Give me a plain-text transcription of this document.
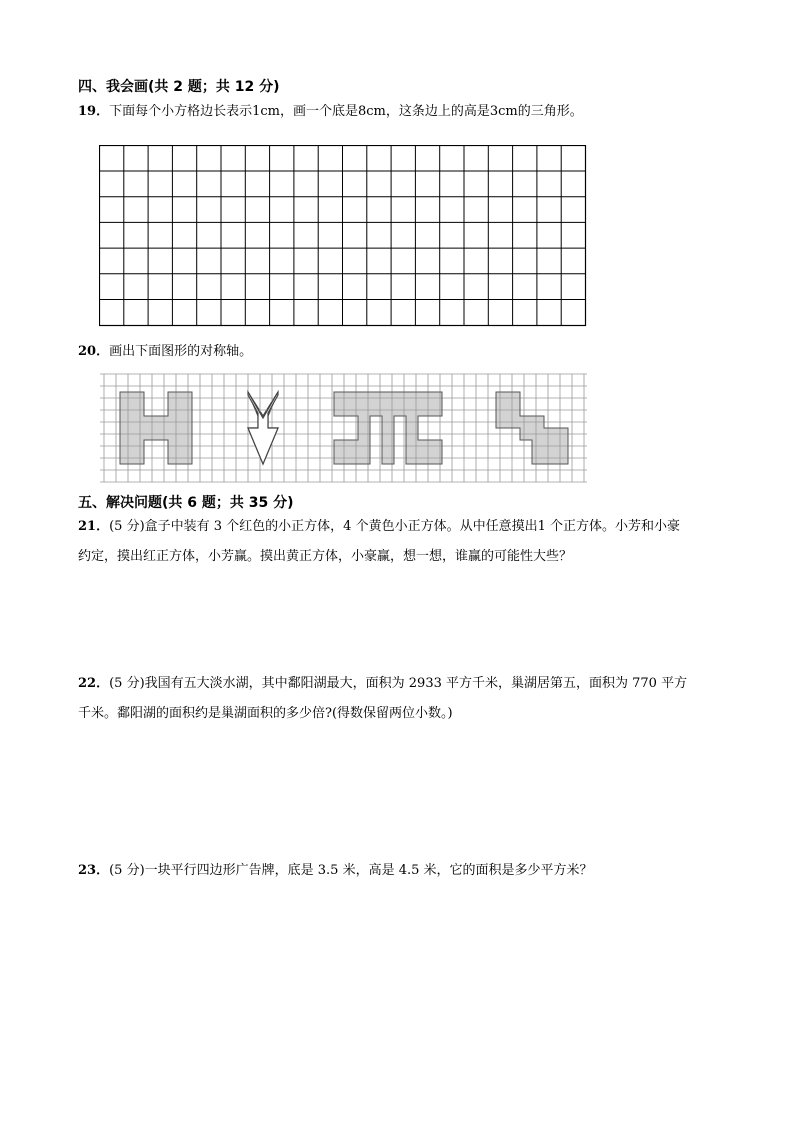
四、我会画(共 2 题；共 12 分)
19．下面每个小方格边长表示1cm，画一个底是8cm，这条边上的高是3cm的三角形。
20．画出下面图形的对称轴。
五、解决问题(共 6 题；共 35 分)
21．(5 分)盒子中装有 3 个红色的小正方体，4 个黄色小正方体。从中任意摸出1 个正方体。小芳和小豪
约定，摸出红正方体，小芳赢。摸出黄正方体，小豪赢，想一想，谁赢的可能性大些？
22．(5 分)我国有五大淡水湖，其中鄱阳湖最大，面积为 2933 平方千米，巢湖居第五，面积为 770 平方
千米。鄱阳湖的面积约是巢湖面积的多少倍?(得数保留两位小数。)
23．(5 分)一块平行四边形广告牌，底是 3.5 米，高是 4.5 米，它的面积是多少平方米？
